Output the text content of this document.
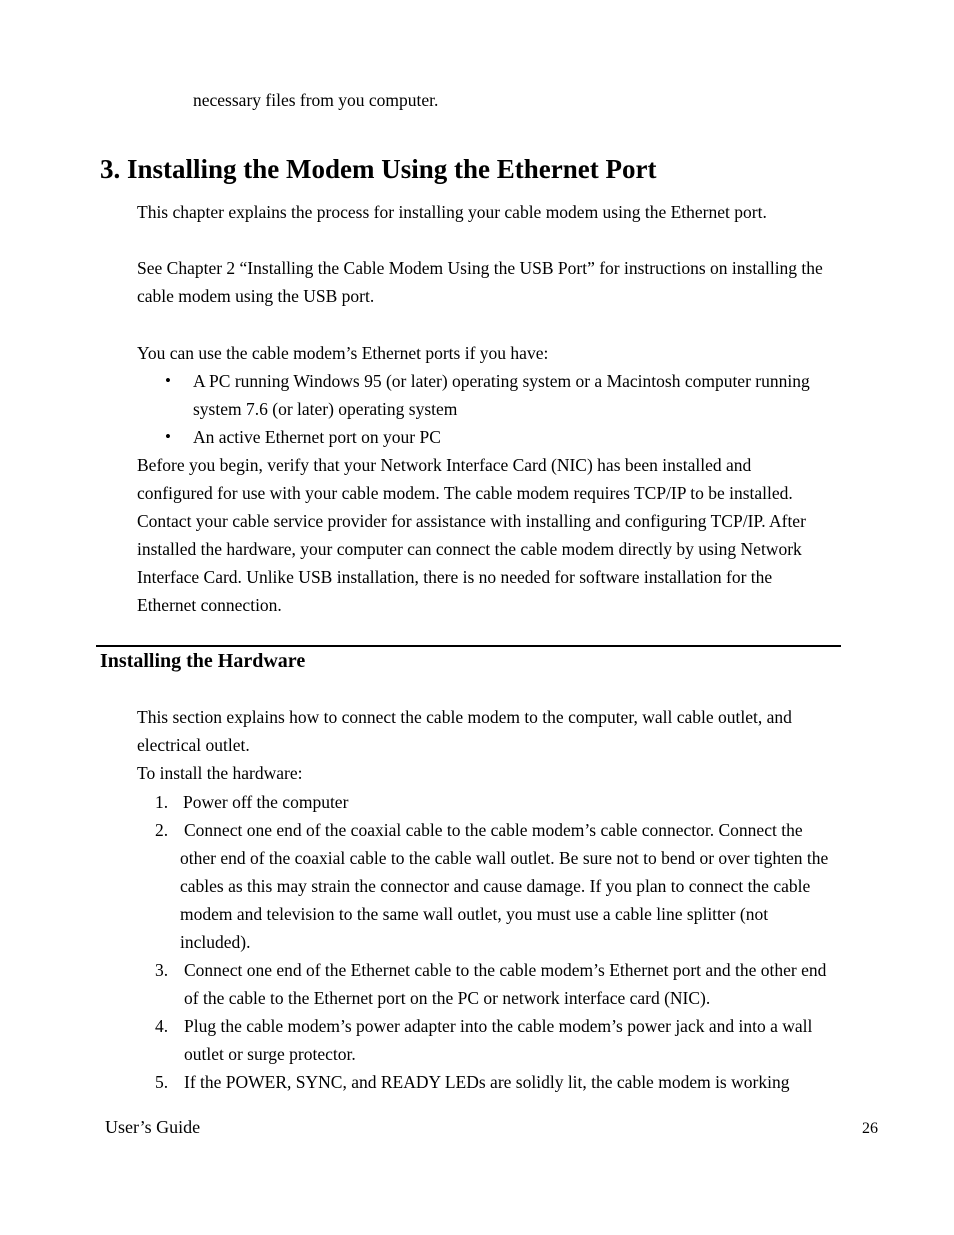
necessary files from you computer.
3. Installing the Modem Using the Ethernet Port
This chapter explains the process for installing your cable modem using the Ethernet port.
See Chapter 2 “Installing the Cable Modem Using the USB Port” for instructions on installing the
cable modem using the USB port.
You can use the cable modem’s Ethernet ports if you have:
• A PC running Windows 95 (or later) operating system or a Macintosh computer running
system 7.6 (or later) operating system
• An active Ethernet port on your PC
Before you begin, verify that your Network Interface Card (NIC) has been installed and
configured for use with your cable modem. The cable modem requires TCP/IP to be installed.
Contact your cable service provider for assistance with installing and configuring TCP/IP. After
installed the hardware, your computer can connect the cable modem directly by using Network
Interface Card. Unlike USB installation, there is no needed for software installation for the
Ethernet connection.
Installing the Hardware
This section explains how to connect the cable modem to the computer, wall cable outlet, and
electrical outlet.
To install the hardware:
1. Power off the computer
2. Connect one end of the coaxial cable to the cable modem’s cable connector. Connect the
other end of the coaxial cable to the cable wall outlet. Be sure not to bend or over tighten the
cables as this may strain the connector and cause damage. If you plan to connect the cable
modem and television to the same wall outlet, you must use a cable line splitter (not
included).
3. Connect one end of the Ethernet cable to the cable modem’s Ethernet port and the other end
of the cable to the Ethernet port on the PC or network interface card (NIC).
4. Plug the cable modem’s power adapter into the cable modem’s power jack and into a wall
outlet or surge protector.
5. If the POWER, SYNC, and READY LEDs are solidly lit, the cable modem is working
User’s Guide	26
